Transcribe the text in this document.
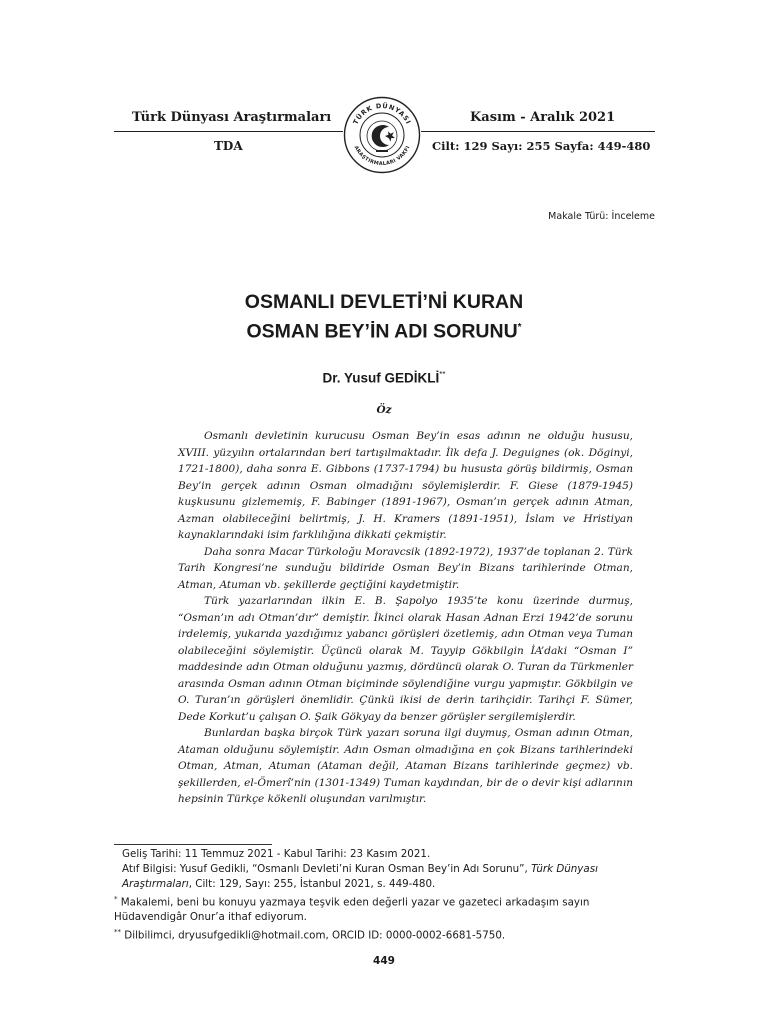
Türk Dünyası Araştırmaları	Kasım - Aralık 2021
TDA	Cilt: 129 Sayı: 255 Sayfa: 449-480
TÜRK DÜNYASI
ARAŞTIRMALARI VAKFI
Makale Türü: İnceleme
OSMANLI DEVLETİ’Nİ KURAN
OSMAN BEY’İN ADI SORUNU*
Dr. Yusuf GEDİKLİ**
Öz

Osmanlı devletinin kurucusu Osman Bey’in esas adının ne olduğu hususu, XVIII. yüzyılın ortalarından beri tartışılmaktadır. İlk defa J. Deguignes (ok. Döginyi, 1721-1800), daha sonra E. Gibbons (1737-1794) bu hususta görüş bildirmiş, Osman Bey’in gerçek adının Osman olmadığını söylemişlerdir. F. Giese (1879-1945) kuşkusunu gizlememiş, F. Babinger (1891-1967), Osman’ın gerçek adının Atman, Azman olabileceğini belirtmiş, J. H. Kramers (1891-1951), İslam ve Hristiyan kaynaklarındaki isim farklılığına dikkati çekmiştir.

Daha sonra Macar Türkoloğu Moravcsik (1892-1972), 1937’de toplanan 2. Türk Tarih Kongresi’ne sunduğu bildiride Osman Bey’in Bizans tarihlerinde Otman, Atman, Atuman vb. şekillerde geçtiğini kaydetmiştir.

Türk yazarlarından ilkin E. B. Şapolyo 1935’te konu üzerinde durmuş, “Osman’ın adı Otman’dır” demiştir. İkinci olarak Hasan Adnan Erzi 1942’de sorunu irdelemiş, yukarıda yazdığımız yabancı görüşleri özetlemiş, adın Otman veya Tuman olabileceğini söylemiştir. Üçüncü olarak M. Tayyip Gökbilgin İA’daki “Osman I” maddesinde adın Otman olduğunu yazmış, dördüncü olarak O. Turan da Türkmenler arasında Osman adının Otman biçiminde söylendiğine vurgu yapmıştır. Gökbilgin ve O. Turan’ın görüşleri önemlidir. Çünkü ikisi de derin tarihçidir. Tarihçi F. Sümer, Dede Korkut’u çalışan O. Şaik Gökyay da benzer görüşler sergilemişlerdir.

Bunlardan başka birçok Türk yazarı soruna ilgi duymuş, Osman adının Otman, Ataman olduğunu söylemiştir. Adın Osman olmadığına en çok Bizans tarihlerindeki Otman, Atman, Atuman (Ataman değil, Ataman Bizans tarihlerinde geçmez) vb. şekillerden, el-Ömerî’nin (1301-1349) Tuman kaydından, bir de o devir kişi adlarının hepsinin Türkçe kökenli oluşundan varılmıştır.

Geliş Tarihi: 11 Temmuz 2021 - Kabul Tarihi: 23 Kasım 2021.

Atıf Bilgisi: Yusuf Gedikli, “Osmanlı Devleti’ni Kuran Osman Bey’in Adı Sorunu”, Türk Dünyası Araştırmaları, Cilt: 129, Sayı: 255, İstanbul 2021, s. 449-480.

* Makalemi, beni bu konuyu yazmaya teşvik eden değerli yazar ve gazeteci arkadaşım sayın Hüdavendigâr Onur’a ithaf ediyorum.

** Dilbilimci, dryusufgedikli@hotmail.com, ORCID ID: 0000-0002-6681-5750.

449
